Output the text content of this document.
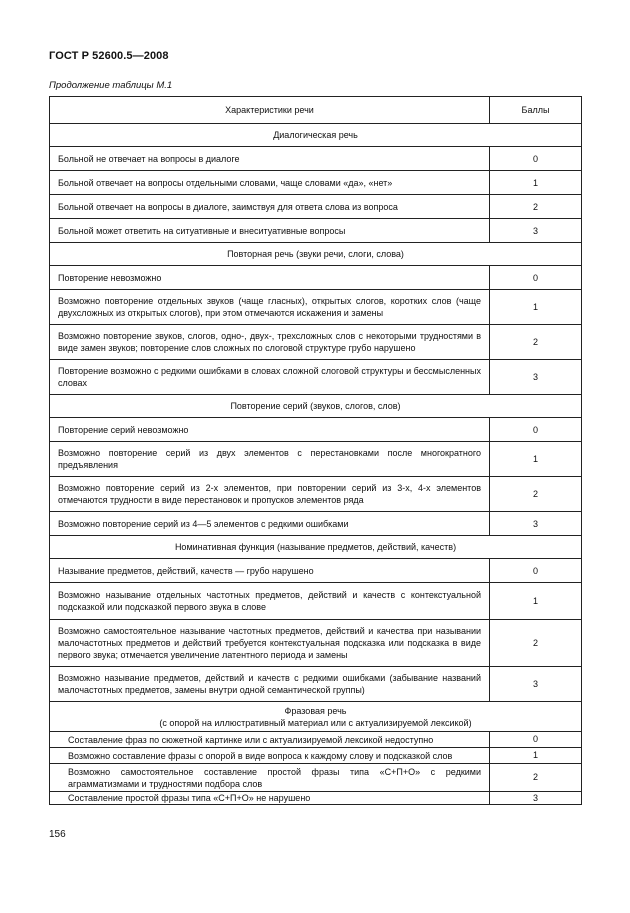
ГОСТ Р 52600.5—2008
Продолжение таблицы М.1
Характеристики речи	Баллы
Диалогическая речь	
Больной не отвечает на вопросы в диалоге	0
Больной отвечает на вопросы отдельными словами, чаще словами «да», «нет»	1
Больной отвечает на вопросы в диалоге, заимствуя для ответа слова из вопроса	2
Больной может ответить на ситуативные и внеситуативные вопросы	3
Повторная речь (звуки речи, слоги, слова)	
Повторение невозможно	0
Возможно повторение отдельных звуков (чаще гласных), открытых слогов, коротких слов (чаще двухсложных из открытых слогов), при этом отмечаются искажения и замены	1
Возможно повторение звуков, слогов, одно-, двух-, трехсложных слов с некоторыми трудностями в виде замен звуков; повторение слов сложных по слоговой структуре грубо нарушено	2
Повторение возможно с редкими ошибками в словах сложной слоговой структуры и бессмысленных словах	3
Повторение серий (звуков, слогов, слов)	
Повторение серий невозможно	0
Возможно повторение серий из двух элементов с перестановками после многократного предъявления	1
Возможно повторение серий из 2-х элементов, при повторении серий из 3-х, 4-х элементов отмечаются трудности в виде перестановок и пропусков элементов ряда	2
Возможно повторение серий из 4—5 элементов с редкими ошибками	3
Номинативная функция (называние предметов, действий, качеств)	
Называние предметов, действий, качеств — грубо нарушено	0
Возможно называние отдельных частотных предметов, действий и качеств с контекстуальной подсказкой или подсказкой первого звука в слове	1
Возможно самостоятельное называние частотных предметов, действий и качества при назывании малочастотных предметов и действий требуется контекстуальная подсказка или подсказка в виде первого звука; отмечается увеличение латентного периода и замены	2
Возможно называние предметов, действий и качеств с редкими ошибками (забывание названий малочастотных предметов, замены внутри одной семантической группы)	3

Фразовая речь
(с опорой на иллюстративный материал или с актуализируемой лексикой)	

Составление фраз по сюжетной картинке или с актуализируемой лексикой недоступно	0
Возможно составление фразы с опорой в виде вопроса к каждому слову и подсказкой слов	1
Возможно самостоятельное составление простой фразы типа «С+П+О» с редкими аграмматизмами и трудностями подбора слов	2
Составление простой фразы типа «С+П+О» не нарушено	3
156
